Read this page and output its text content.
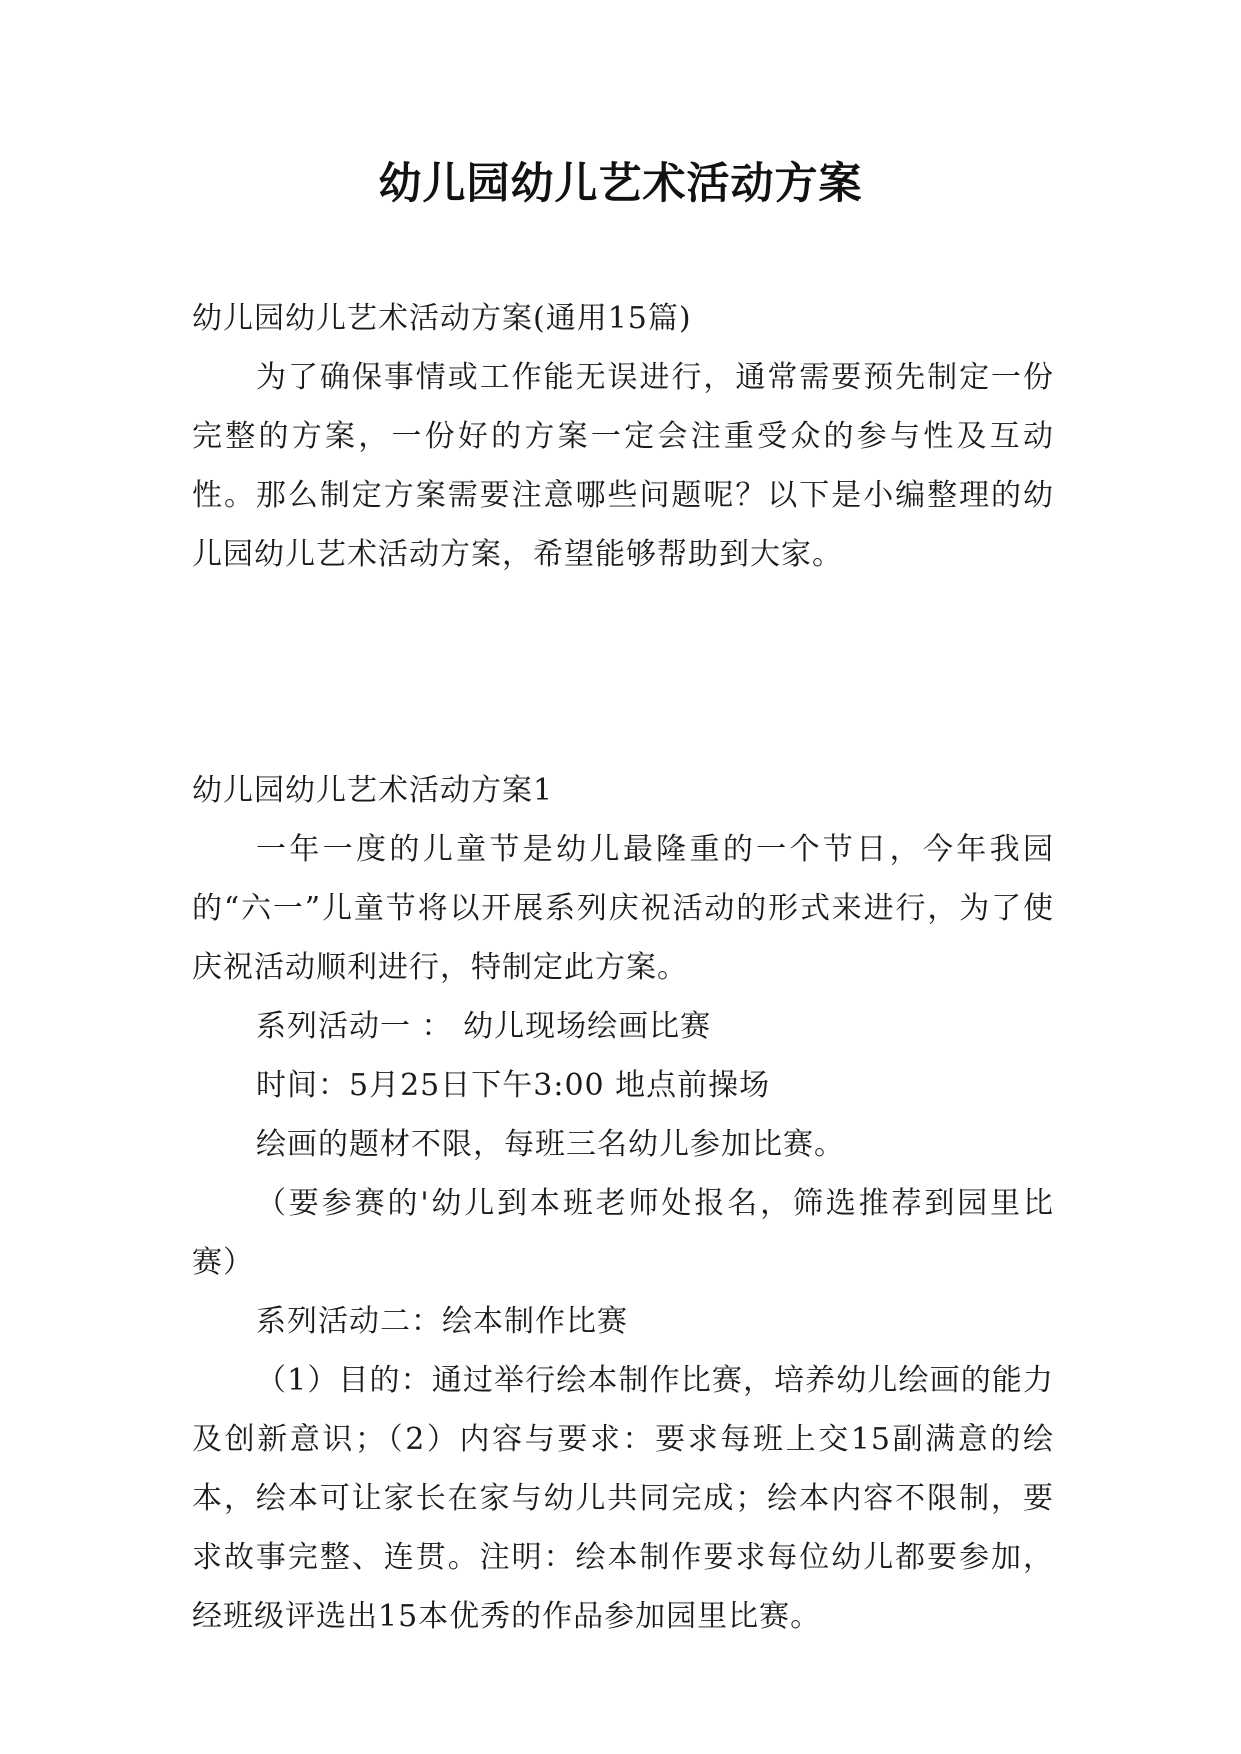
幼儿园幼儿艺术活动方案

幼儿园幼儿艺术活动方案(通用15篇)

为了确保事情或工作能无误进行，通常需要预先制定一份完整的方案，一份好的方案一定会注重受众的参与性及互动性。那么制定方案需要注意哪些问题呢？以下是小编整理的幼儿园幼儿艺术活动方案，希望能够帮助到大家。

幼儿园幼儿艺术活动方案1

一年一度的儿童节是幼儿最隆重的一个节日，今年我园的“六一”儿童节将以开展系列庆祝活动的形式来进行，为了使庆祝活动顺利进行，特制定此方案。

系列活动一 ： 幼儿现场绘画比赛

时间：5月25日下午3:00 地点前操场

绘画的题材不限，每班三名幼儿参加比赛。

（要参赛的'幼儿到本班老师处报名，筛选推荐到园里比赛）

系列活动二：绘本制作比赛

（1）目的：通过举行绘本制作比赛，培养幼儿绘画的能力及创新意识；（2）内容与要求：要求每班上交15副满意的绘本，绘本可让家长在家与幼儿共同完成；绘本内容不限制，要求故事完整、连贯。注明：绘本制作要求每位幼儿都要参加，经班级评选出15本优秀的作品参加园里比赛。
